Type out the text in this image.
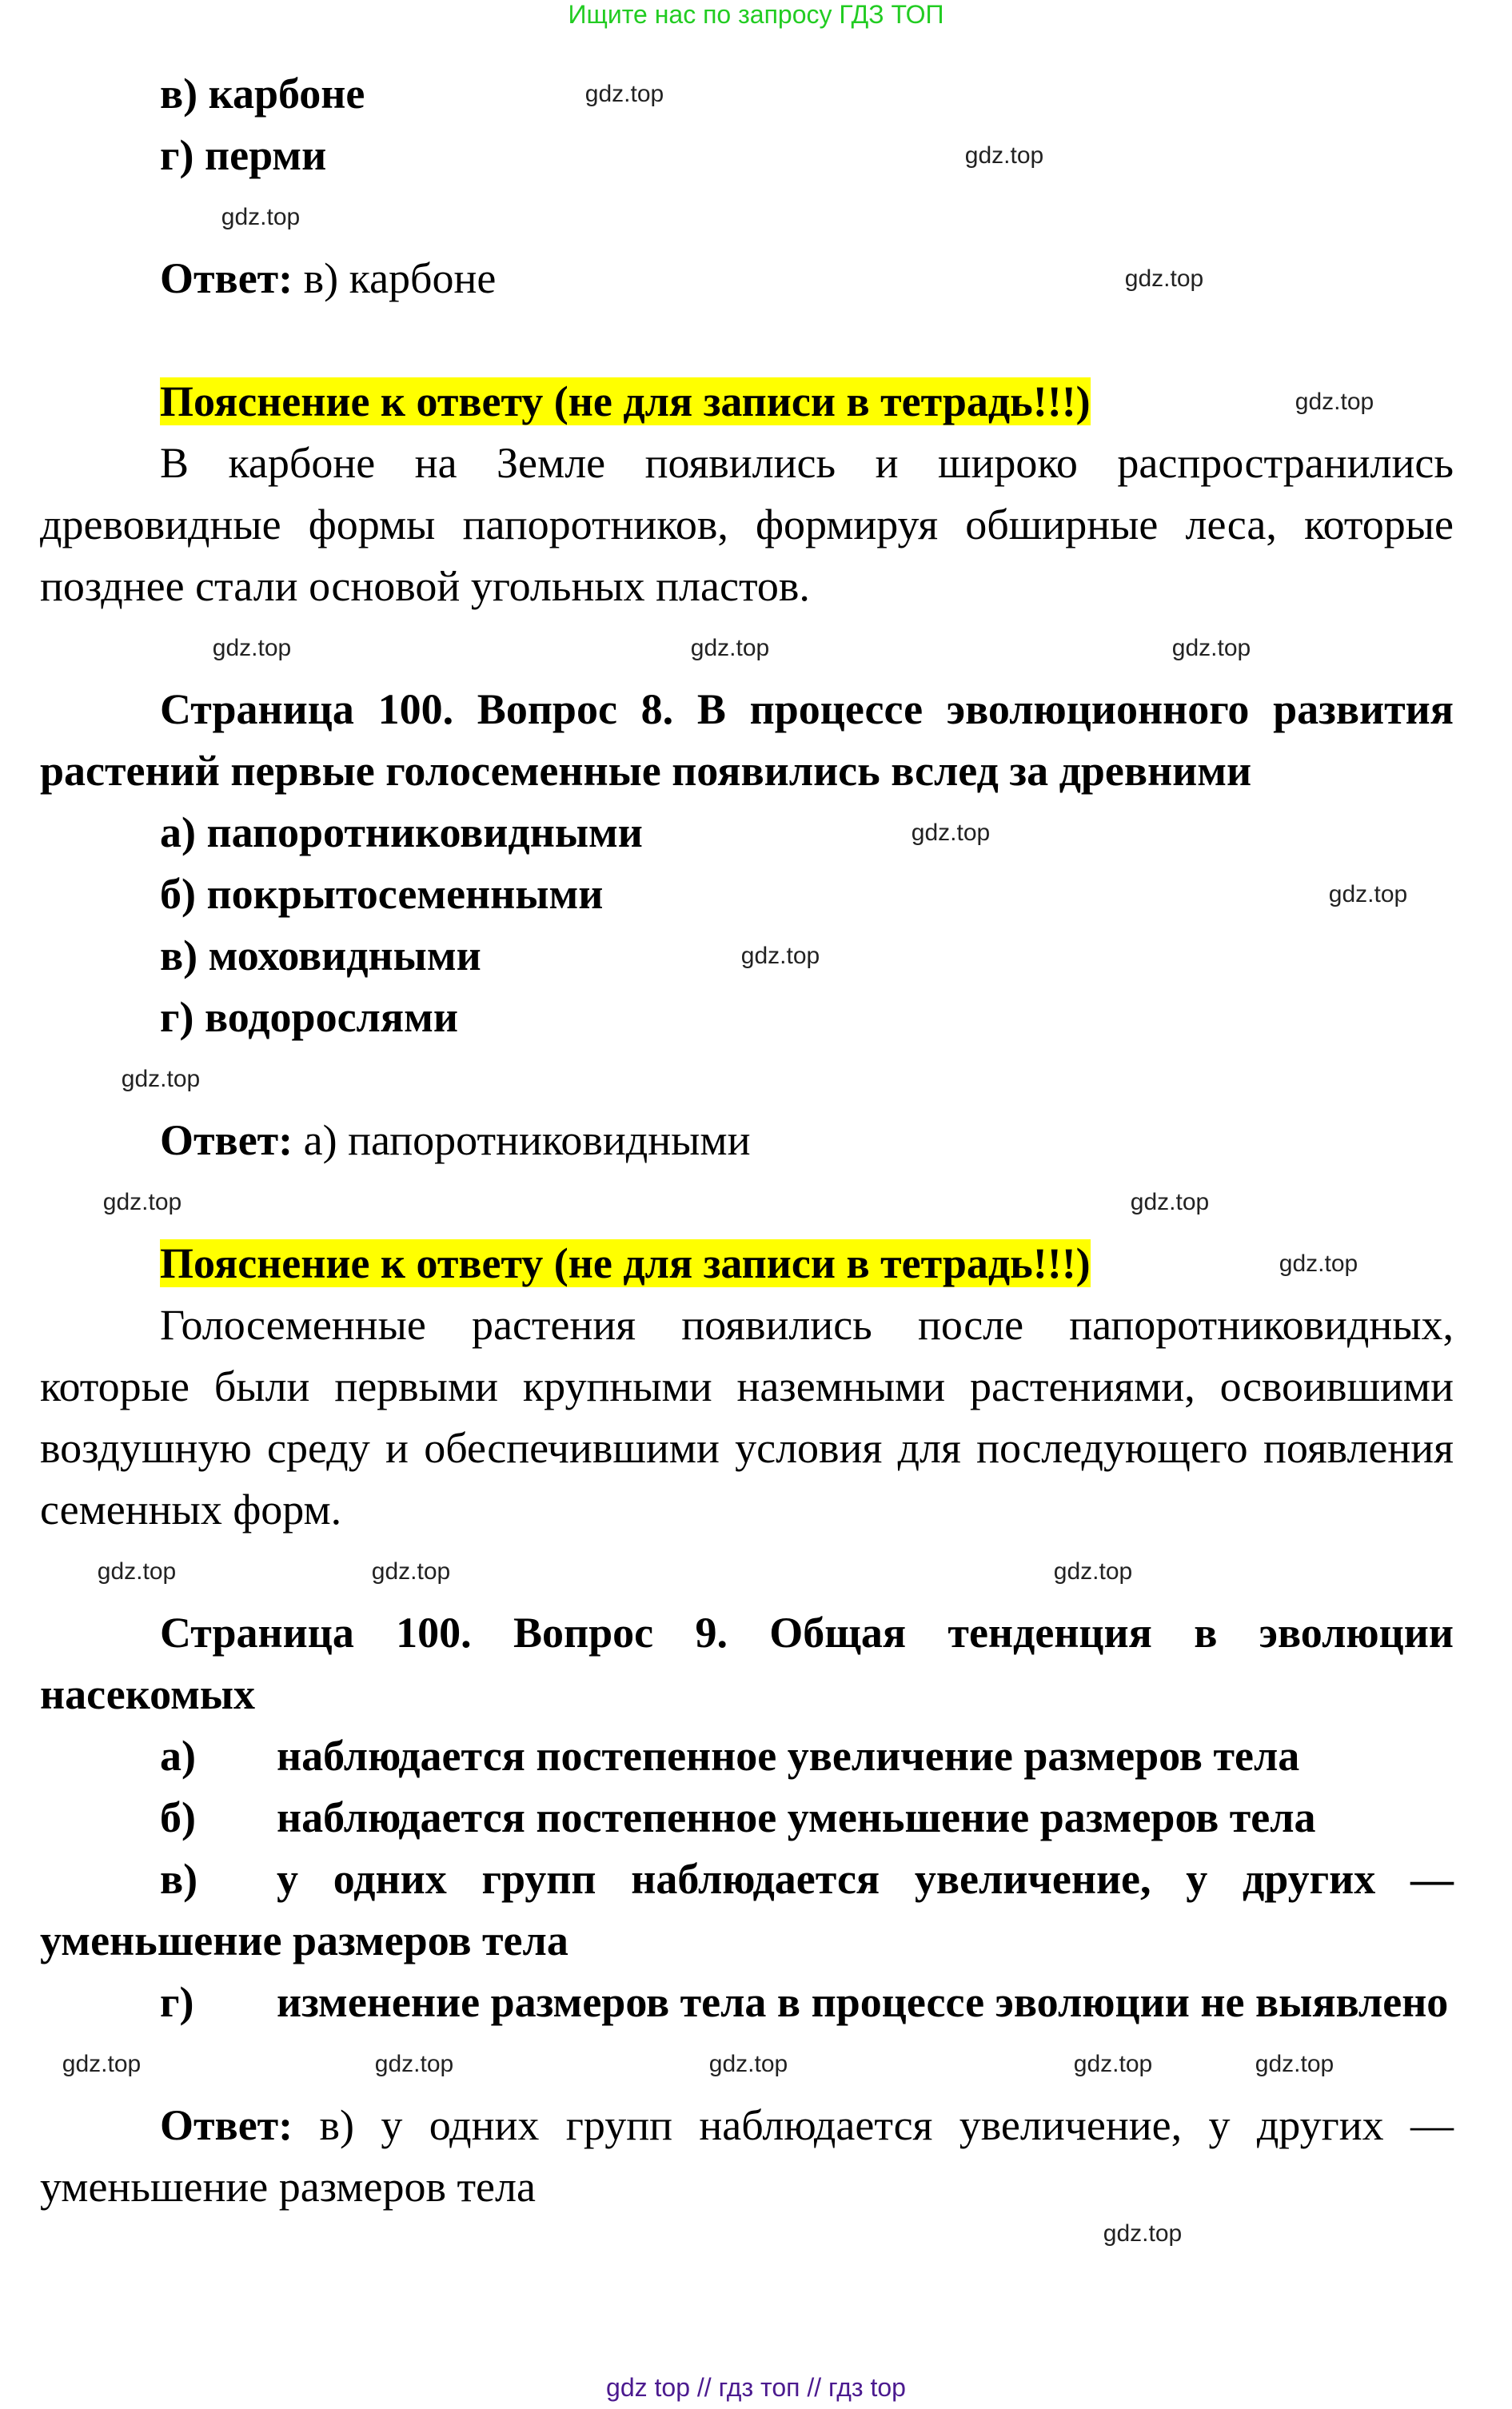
Ищите нас по запросу ГДЗ ТОП
в) карбоне	gdz.top
г) перми	gdz.top
gdz.top
Ответ: в) карбоне	gdz.top
Пояснение к ответу (не для записи в тетрадь!!!)	gdz.top
В карбоне на Земле появились и широко распространились древовидные формы папоротников, формируя обширные леса, которые позднее стали основой угольных пластов.
gdz.top	gdz.top	gdz.top
Страница 100. Вопрос 8. В процессе эволюционного развития растений первые голосеменные появились вслед за древними
а) папоротниковидными	gdz.top
б) покрытосеменными	gdz.top
в) моховидными	gdz.top
г) водорослями
gdz.top
Ответ: а) папоротниковидными
gdz.top	gdz.top
Пояснение к ответу (не для записи в тетрадь!!!)	gdz.top
Голосеменные растения появились после папоротниковидных, которые были первыми крупными наземными растениями, освоившими воздушную среду и обеспечившими условия для последующего появления семенных форм.
gdz.top	gdz.top	gdz.top
Страница 100. Вопрос 9. Общая тенденция в эволюции насекомых
а) наблюдается постепенное увеличение размеров тела
б) наблюдается постепенное уменьшение размеров тела
в) у одних групп наблюдается увеличение, у других — уменьшение размеров тела
г) изменение размеров тела в процессе эволюции не выявлено
gdz.top	gdz.top	gdz.top	gdz.top	gdz.top
Ответ: в) у одних групп наблюдается увеличение, у других — уменьшение размеров тела
gdz.top
gdz top // гдз топ // гдз top
